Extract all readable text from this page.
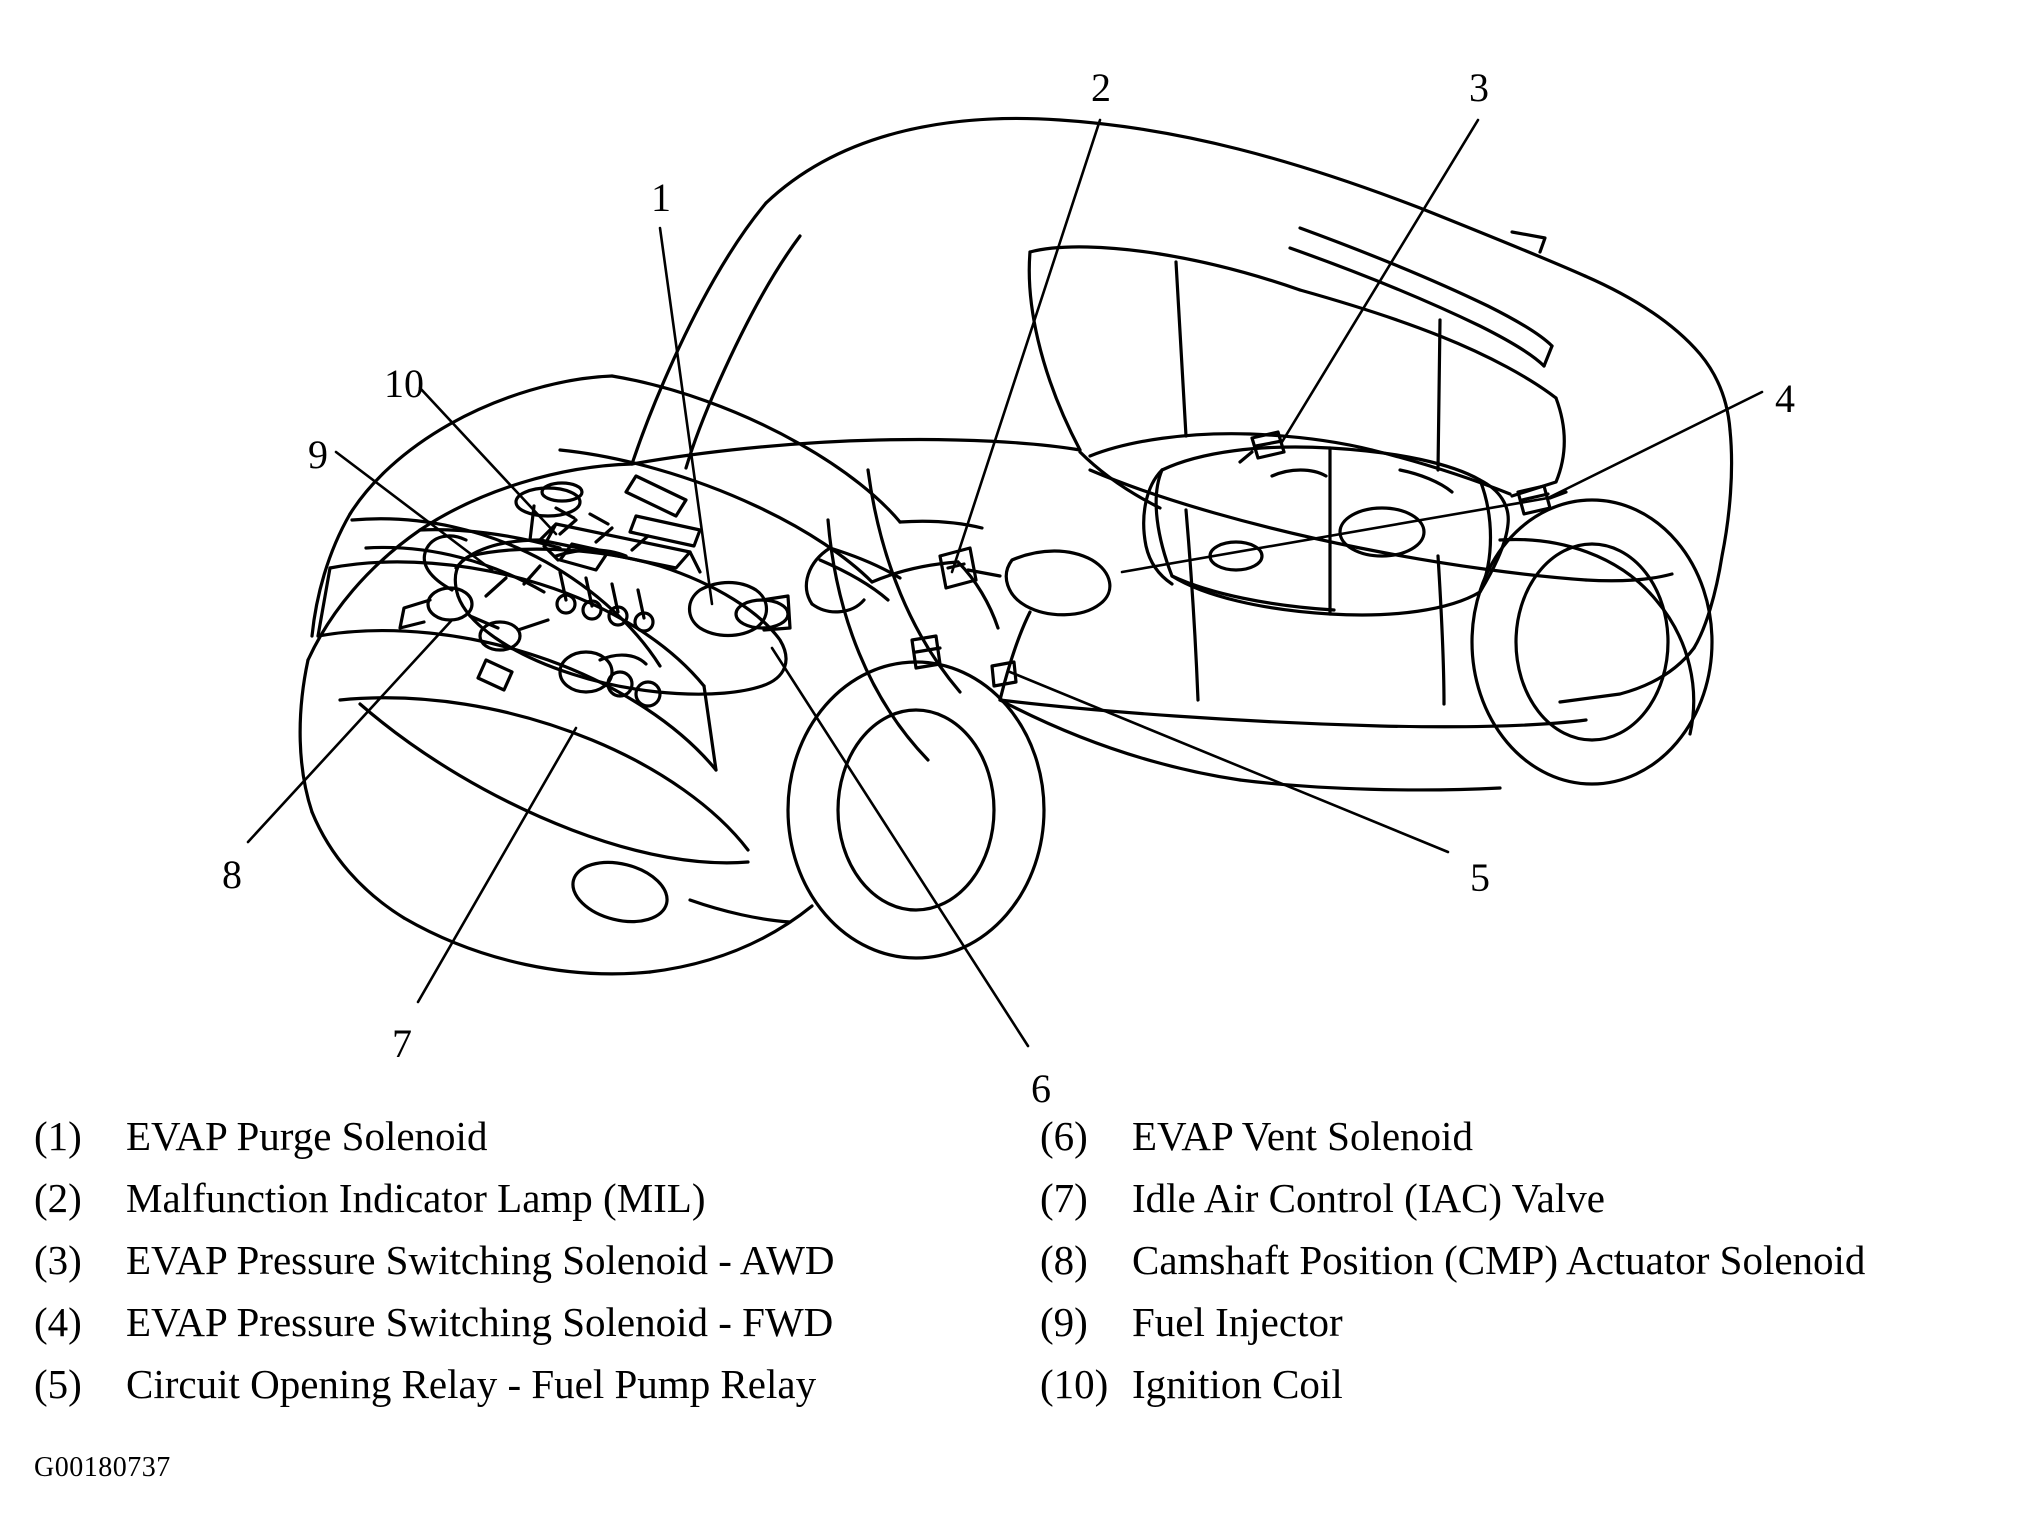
1
2	3
4
5
6
7
8
9
10
(1)	EVAP Purge Solenoid
(2)	Malfunction Indicator Lamp (MIL)
(3)	EVAP Pressure Switching Solenoid - AWD
(4)	EVAP Pressure Switching Solenoid - FWD
(5)	Circuit Opening Relay - Fuel Pump Relay
(6)	EVAP Vent Solenoid
(7)	Idle Air Control (IAC) Valve
(8)	Camshaft Position (CMP) Actuator Solenoid
(9)	Fuel Injector
(10) Ignition Coil
G00180737
